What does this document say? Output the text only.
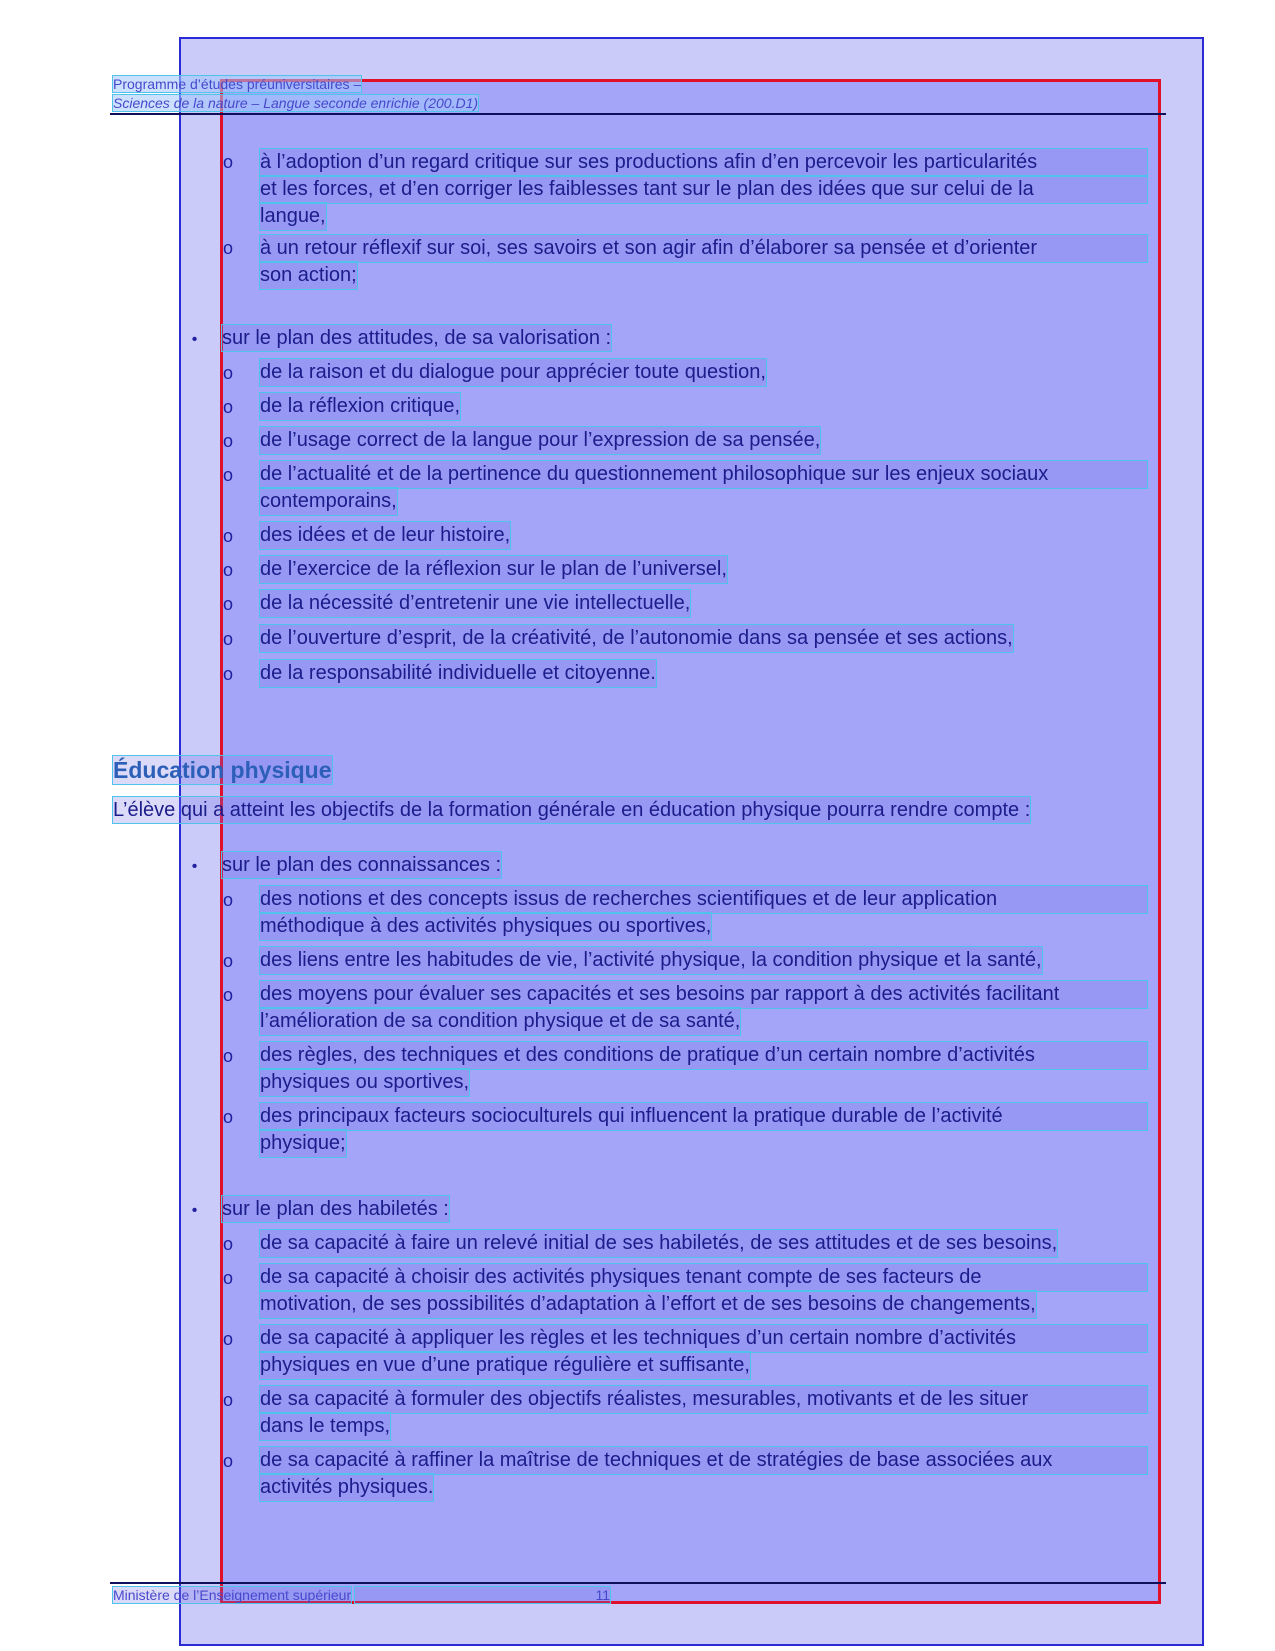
Programme d’études préuniversitaires –
Sciences de la nature – Langue seconde enrichie (200.D1)
o à l’adoption d’un regard critique sur ses productions afin d’en percevoir les particularités
et les forces, et d’en corriger les faiblesses tant sur le plan des idées que sur celui de la
langue,
o à un retour réflexif sur soi, ses savoirs et son agir afin d’élaborer sa pensée et d’orienter
son action;
• sur le plan des attitudes, de sa valorisation :
o de la raison et du dialogue pour apprécier toute question,
o de la réflexion critique,
o de l’usage correct de la langue pour l’expression de sa pensée,
o de l’actualité et de la pertinence du questionnement philosophique sur les enjeux sociaux
contemporains,
o des idées et de leur histoire,
o de l’exercice de la réflexion sur le plan de l’universel,
o de la nécessité d’entretenir une vie intellectuelle,
o de l’ouverture d’esprit, de la créativité, de l’autonomie dans sa pensée et ses actions,
o de la responsabilité individuelle et citoyenne.
Éducation physique
L’élève qui a atteint les objectifs de la formation générale en éducation physique pourra rendre compte :
• sur le plan des connaissances :
o des notions et des concepts issus de recherches scientifiques et de leur application
méthodique à des activités physiques ou sportives,
o des liens entre les habitudes de vie, l’activité physique, la condition physique et la santé,
o des moyens pour évaluer ses capacités et ses besoins par rapport à des activités facilitant
l’amélioration de sa condition physique et de sa santé,
o des règles, des techniques et des conditions de pratique d’un certain nombre d’activités
physiques ou sportives,
o des principaux facteurs socioculturels qui influencent la pratique durable de l’activité
physique;
• sur le plan des habiletés :
o de sa capacité à faire un relevé initial de ses habiletés, de ses attitudes et de ses besoins,
o de sa capacité à choisir des activités physiques tenant compte de ses facteurs de
motivation, de ses possibilités d’adaptation à l’effort et de ses besoins de changements,
o de sa capacité à appliquer les règles et les techniques d’un certain nombre d’activités
physiques en vue d’une pratique régulière et suffisante,
o de sa capacité à formuler des objectifs réalistes, mesurables, motivants et de les situer
dans le temps,
o de sa capacité à raffiner la maîtrise de techniques et de stratégies de base associées aux
activités physiques.
Ministère de l’Enseignement supérieur	11
